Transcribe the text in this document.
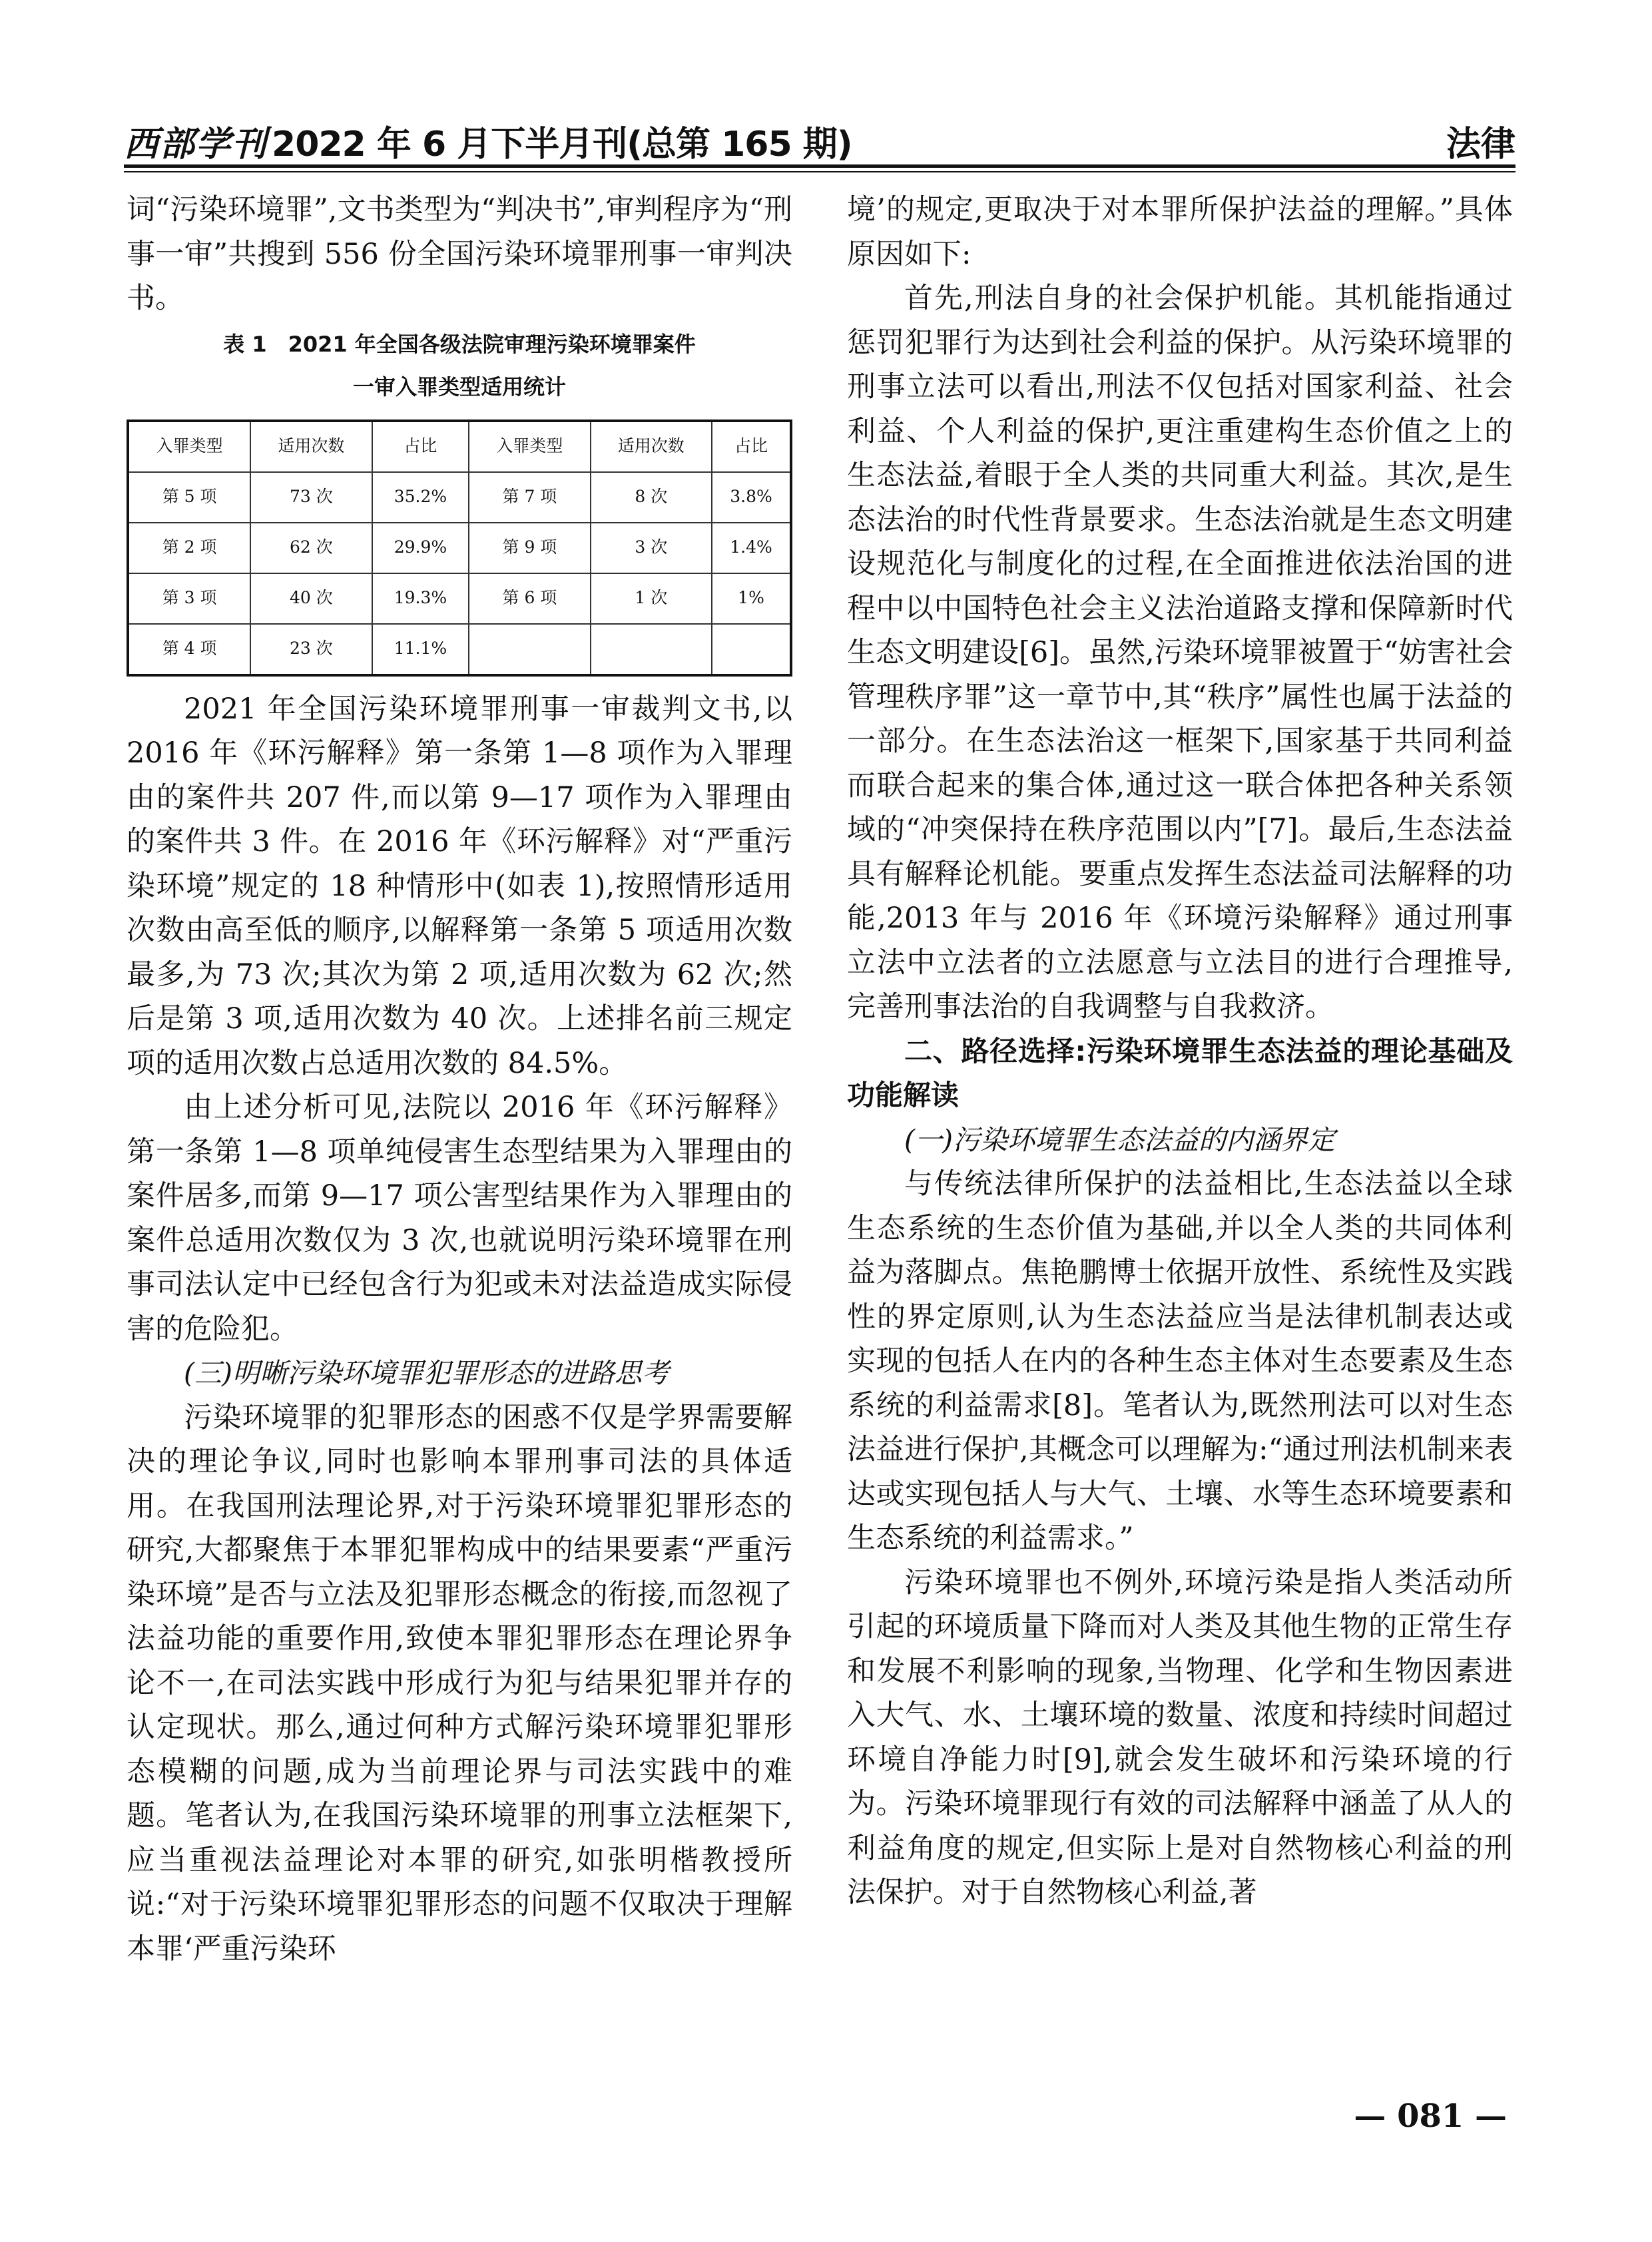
西部学刊 2022 年 6 月下半月刊(总第 165 期)	法律

词“污染环境罪”,文书类型为“判决书”,审判程序为“刑事一审”共搜到 556 份全国污染环境罪刑事一审判决书。

表 1　2021 年全国各级法院审理污染环境罪案件
一审入罪类型适用统计
入罪类型	适用次数	占比	入罪类型	适用次数	占比
第 5 项	73 次	35.2%	第 7 项	8 次	3.8%
第 2 项	62 次	29.9%	第 9 项	3 次	1.4%
第 3 项	40 次	19.3%	第 6 项	1 次	1%
第 4 项	23 次	11.1%			

2021 年全国污染环境罪刑事一审裁判文书,以 2016 年《环污解释》第一条第 1—8 项作为入罪理由的案件共 207 件,而以第 9—17 项作为入罪理由的案件共 3 件。在 2016 年《环污解释》对“严重污染环境”规定的 18 种情形中(如表 1),按照情形适用次数由高至低的顺序,以解释第一条第 5 项适用次数最多,为 73 次;其次为第 2 项,适用次数为 62 次;然后是第 3 项,适用次数为 40 次。上述排名前三规定项的适用次数占总适用次数的 84.5%。

由上述分析可见,法院以 2016 年《环污解释》第一条第 1—8 项单纯侵害生态型结果为入罪理由的案件居多,而第 9—17 项公害型结果作为入罪理由的案件总适用次数仅为 3 次,也就说明污染环境罪在刑事司法认定中已经包含行为犯或未对法益造成实际侵害的危险犯。

(三)明晰污染环境罪犯罪形态的进路思考

污染环境罪的犯罪形态的困惑不仅是学界需要解决的理论争议,同时也影响本罪刑事司法的具体适用。在我国刑法理论界,对于污染环境罪犯罪形态的研究,大都聚焦于本罪犯罪构成中的结果要素“严重污染环境”是否与立法及犯罪形态概念的衔接,而忽视了法益功能的重要作用,致使本罪犯罪形态在理论界争论不一,在司法实践中形成行为犯与结果犯罪并存的认定现状。那么,通过何种方式解污染环境罪犯罪形态模糊的问题,成为当前理论界与司法实践中的难题。笔者认为,在我国污染环境罪的刑事立法框架下,应当重视法益理论对本罪的研究,如张明楷教授所说:“对于污染环境罪犯罪形态的问题不仅取决于理解本罪‘严重污染环

境’的规定,更取决于对本罪所保护法益的理解。”具体原因如下:

首先,刑法自身的社会保护机能。其机能指通过惩罚犯罪行为达到社会利益的保护。从污染环境罪的刑事立法可以看出,刑法不仅包括对国家利益、社会利益、个人利益的保护,更注重建构生态价值之上的生态法益,着眼于全人类的共同重大利益。其次,是生态法治的时代性背景要求。生态法治就是生态文明建设规范化与制度化的过程,在全面推进依法治国的进程中以中国特色社会主义法治道路支撑和保障新时代生态文明建设[6]。虽然,污染环境罪被置于“妨害社会管理秩序罪”这一章节中,其“秩序”属性也属于法益的一部分。在生态法治这一框架下,国家基于共同利益而联合起来的集合体,通过这一联合体把各种关系领域的“冲突保持在秩序范围以内”[7]。最后,生态法益具有解释论机能。要重点发挥生态法益司法解释的功能,2013 年与 2016 年《环境污染解释》通过刑事立法中立法者的立法愿意与立法目的进行合理推导,完善刑事法治的自我调整与自我救济。

二、路径选择:污染环境罪生态法益的理论基础及功能解读

(一)污染环境罪生态法益的内涵界定

与传统法律所保护的法益相比,生态法益以全球生态系统的生态价值为基础,并以全人类的共同体利益为落脚点。焦艳鹏博士依据开放性、系统性及实践性的界定原则,认为生态法益应当是法律机制表达或实现的包括人在内的各种生态主体对生态要素及生态系统的利益需求[8]。笔者认为,既然刑法可以对生态法益进行保护,其概念可以理解为:“通过刑法机制来表达或实现包括人与大气、土壤、水等生态环境要素和生态系统的利益需求。”

污染环境罪也不例外,环境污染是指人类活动所引起的环境质量下降而对人类及其他生物的正常生存和发展不利影响的现象,当物理、化学和生物因素进入大气、水、土壤环境的数量、浓度和持续时间超过环境自净能力时[9],就会发生破坏和污染环境的行为。污染环境罪现行有效的司法解释中涵盖了从人的利益角度的规定,但实际上是对自然物核心利益的刑法保护。对于自然物核心利益,著

— 081 —
